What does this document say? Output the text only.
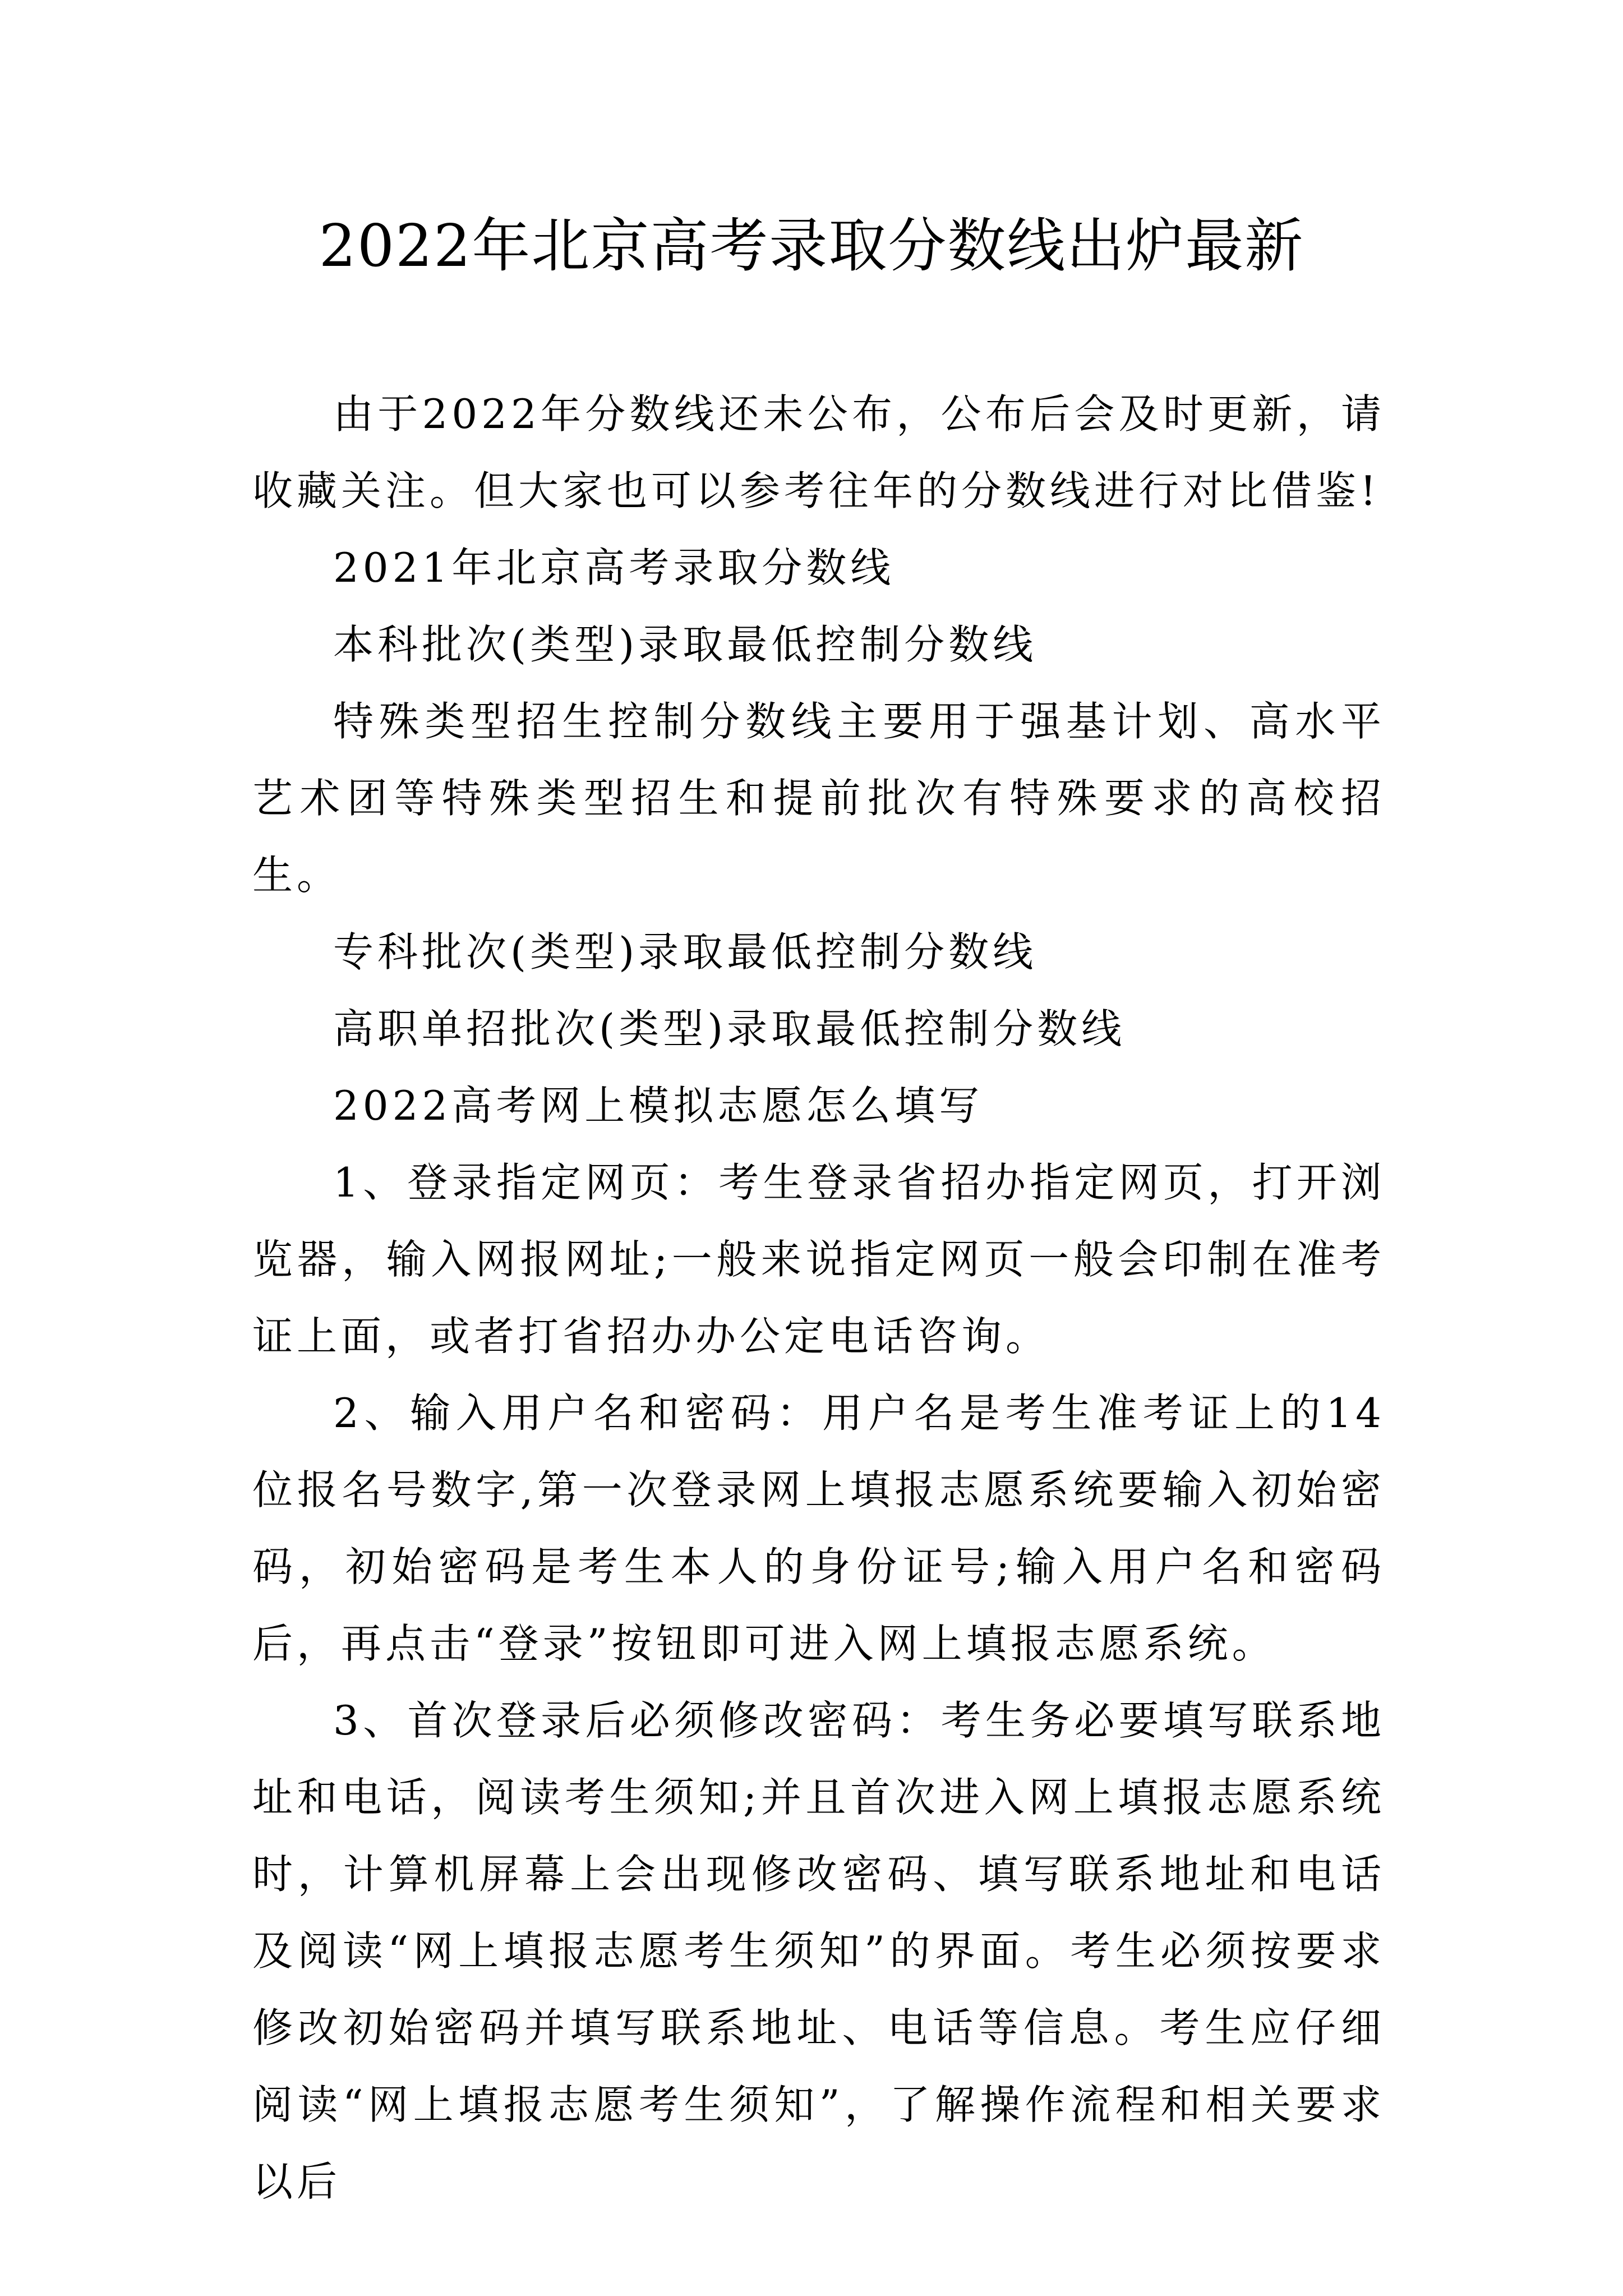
2022年北京高考录取分数线出炉最新

由于2022年分数线还未公布，公布后会及时更新，请收藏关注。但大家也可以参考往年的分数线进行对比借鉴!

2021年北京高考录取分数线

本科批次(类型)录取最低控制分数线

特殊类型招生控制分数线主要用于强基计划、高水平艺术团等特殊类型招生和提前批次有特殊要求的高校招生。

专科批次(类型)录取最低控制分数线

高职单招批次(类型)录取最低控制分数线

2022高考网上模拟志愿怎么填写

1、登录指定网页：考生登录省招办指定网页，打开浏览器，输入网报网址;一般来说指定网页一般会印制在准考证上面，或者打省招办办公定电话咨询。

2、输入用户名和密码：用户名是考生准考证上的14位报名号数字,第一次登录网上填报志愿系统要输入初始密码，初始密码是考生本人的身份证号;输入用户名和密码后，再点击“登录”按钮即可进入网上填报志愿系统。

3、首次登录后必须修改密码：考生务必要填写联系地址和电话，阅读考生须知;并且首次进入网上填报志愿系统时，计算机屏幕上会出现修改密码、填写联系地址和电话及阅读“网上填报志愿考生须知”的界面。考生必须按要求修改初始密码并填写联系地址、电话等信息。考生应仔细阅读“网上填报志愿考生须知”，了解操作流程和相关要求以后
